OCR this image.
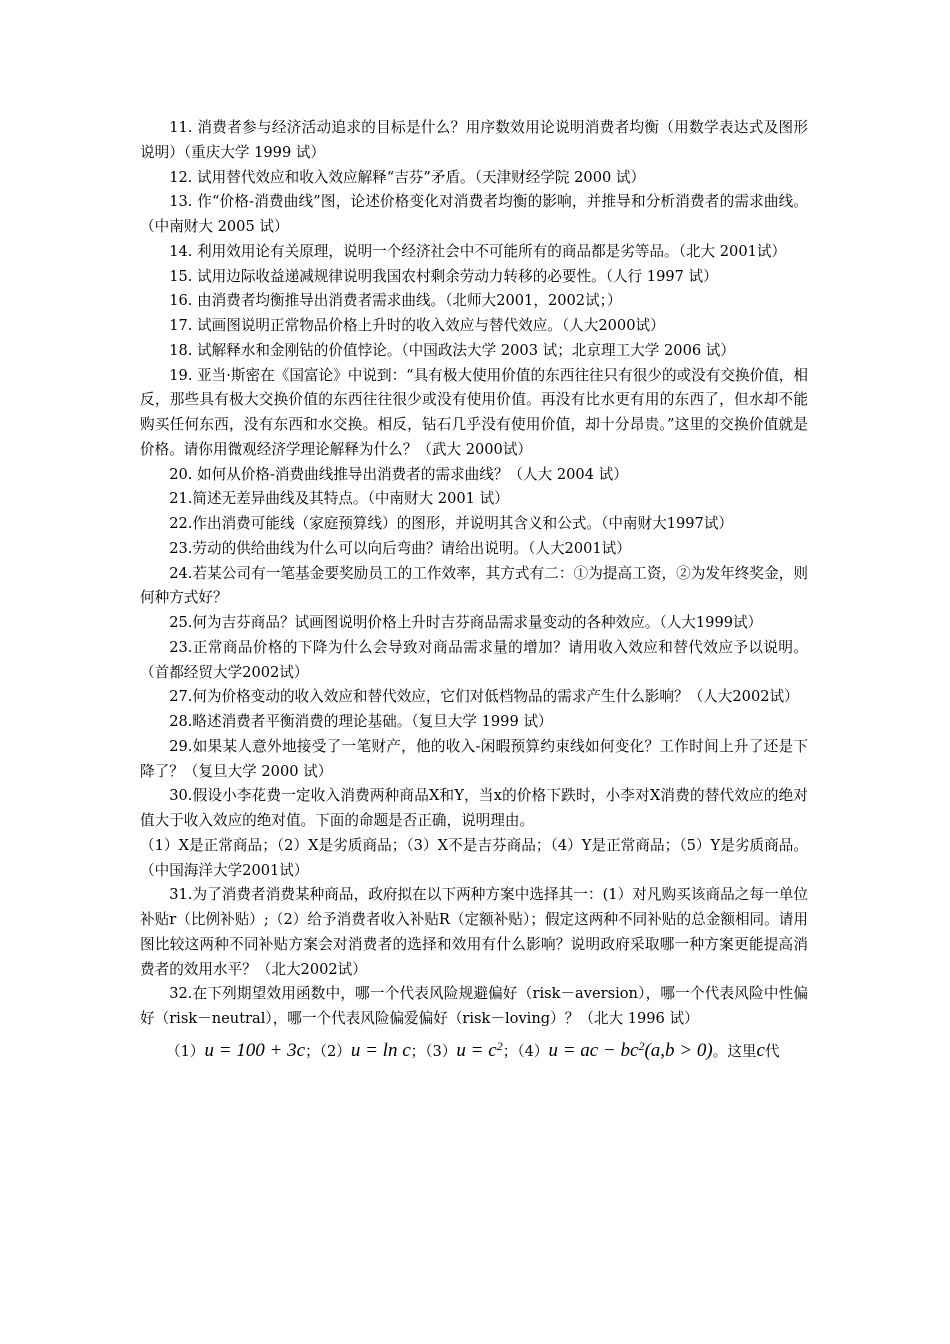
11. 消费者参与经济活动追求的目标是什么？用序数效用论说明消费者均衡（用数学表达式及图形说明）（重庆大学 1999 试）

12. 试用替代效应和收入效应解释“吉芬”矛盾。（天津财经学院 2000 试）

13. 作“价格-消费曲线”图，论述价格变化对消费者均衡的影响，并推导和分析消费者的需求曲线。（中南财大 2005 试）

14. 利用效用论有关原理，说明一个经济社会中不可能所有的商品都是劣等品。（北大 2001试）

15. 试用边际收益递减规律说明我国农村剩余劳动力转移的必要性。（人行 1997 试）

16. 由消费者均衡推导出消费者需求曲线。（北师大2001，2002试；）

17. 试画图说明正常物品价格上升时的收入效应与替代效应。（人大2000试）

18. 试解释水和金刚钻的价值悖论。（中国政法大学 2003 试；北京理工大学 2006 试）

19. 亚当·斯密在《国富论》中说到：“具有极大使用价值的东西往往只有很少的或没有交换价值，相反，那些具有极大交换价值的东西往往很少或没有使用价值。再没有比水更有用的东西了，但水却不能购买任何东西，没有东西和水交换。相反，钻石几乎没有使用价值，却十分昂贵。”这里的交换价值就是价格。请你用微观经济学理论解释为什么？（武大 2000试）

20. 如何从价格-消费曲线推导出消费者的需求曲线？（人大 2004 试）

21.简述无差异曲线及其特点。（中南财大 2001 试）

22.作出消费可能线（家庭预算线）的图形，并说明其含义和公式。（中南财大1997试）

23.劳动的供给曲线为什么可以向后弯曲？请给出说明。（人大2001试）

24.若某公司有一笔基金要奖励员工的工作效率，其方式有二：①为提高工资，②为发年终奖金，则何种方式好？

25.何为吉芬商品？试画图说明价格上升时吉芬商品需求量变动的各种效应。（人大1999试）

23.正常商品价格的下降为什么会导致对商品需求量的增加？请用收入效应和替代效应予以说明。（首都经贸大学2002试）

27.何为价格变动的收入效应和替代效应，它们对低档物品的需求产生什么影响？（人大2002试）

28.略述消费者平衡消费的理论基础。（复旦大学 1999 试）

29.如果某人意外地接受了一笔财产，他的收入-闲暇预算约束线如何变化？工作时间上升了还是下降了？（复旦大学 2000 试）

30.假设小李花费一定收入消费两种商品X和Y，当x的价格下跌时，小李对X消费的替代效应的绝对值大于收入效应的绝对值。下面的命题是否正确，说明理由。

（1）X是正常商品；（2）X是劣质商品；（3）X不是吉芬商品；（4）Y是正常商品；（5）Y是劣质商品。（中国海洋大学2001试）

31.为了消费者消费某种商品，政府拟在以下两种方案中选择其一：(1）对凡购买该商品之每一单位补贴r（比例补贴）;（2）给予消费者收入补贴R（定额补贴）；假定这两种不同补贴的总金额相同。请用图比较这两种不同补贴方案会对消费者的选择和效用有什么影响？说明政府采取哪一种方案更能提高消费者的效用水平？（北大2002试）

32.在下列期望效用函数中，哪一个代表风险规避偏好（risk－aversion），哪一个代表风险中性偏好（risk－neutral），哪一个代表风险偏爱偏好（risk－loving）？（北大 1996 试）

（1）u = 100 + 3c；（2）u = ln c；$(3)u = c^2$；（4）u = ac − $bc^2(a,b > 0)$。这里c代
